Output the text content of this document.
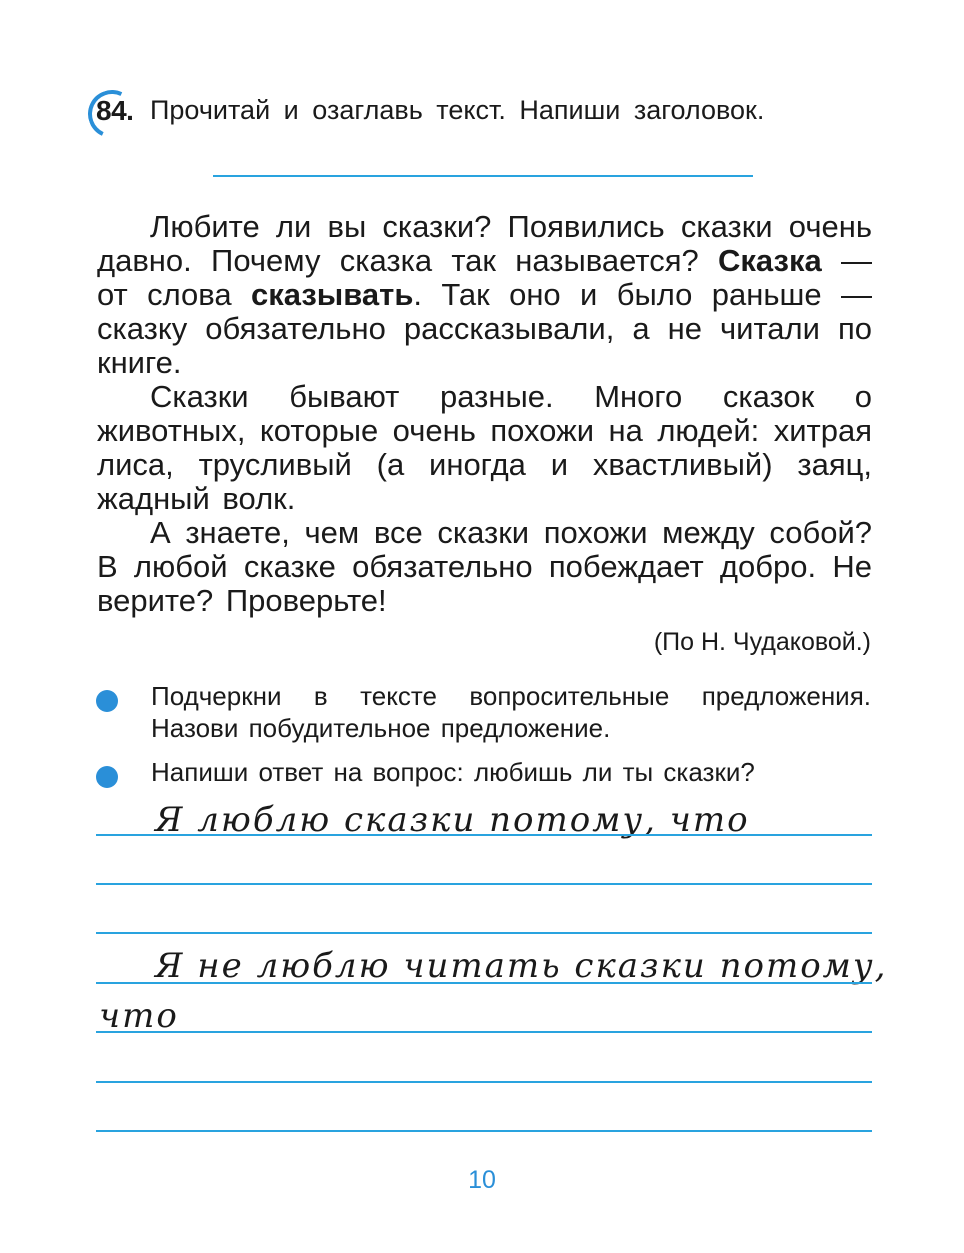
84. Прочитай и озаглавь текст. Напиши заголовок.

Любите ли вы сказки? Появились сказки очень давно. Почему сказка так называется? Сказка — от слова сказывать. Так оно и было раньше — сказку обязательно рассказывали, а не читали по книге.

Сказки бывают разные. Много сказок о животных, которые очень похожи на людей: хитрая лиса, трусливый (а иногда и хвастливый) заяц, жадный волк.

А знаете, чем все сказки похожи между собой? В любой сказке обязательно побеждает добро. Не верите? Проверьте!

(По Н. Чудаковой.)
Подчеркни в тексте вопросительные предложения. Назови побудительное предложение.
Напиши ответ на вопрос: любишь ли ты сказки?
Я люблю сказки потому, что
Я не люблю читать сказки потому,
что
10
